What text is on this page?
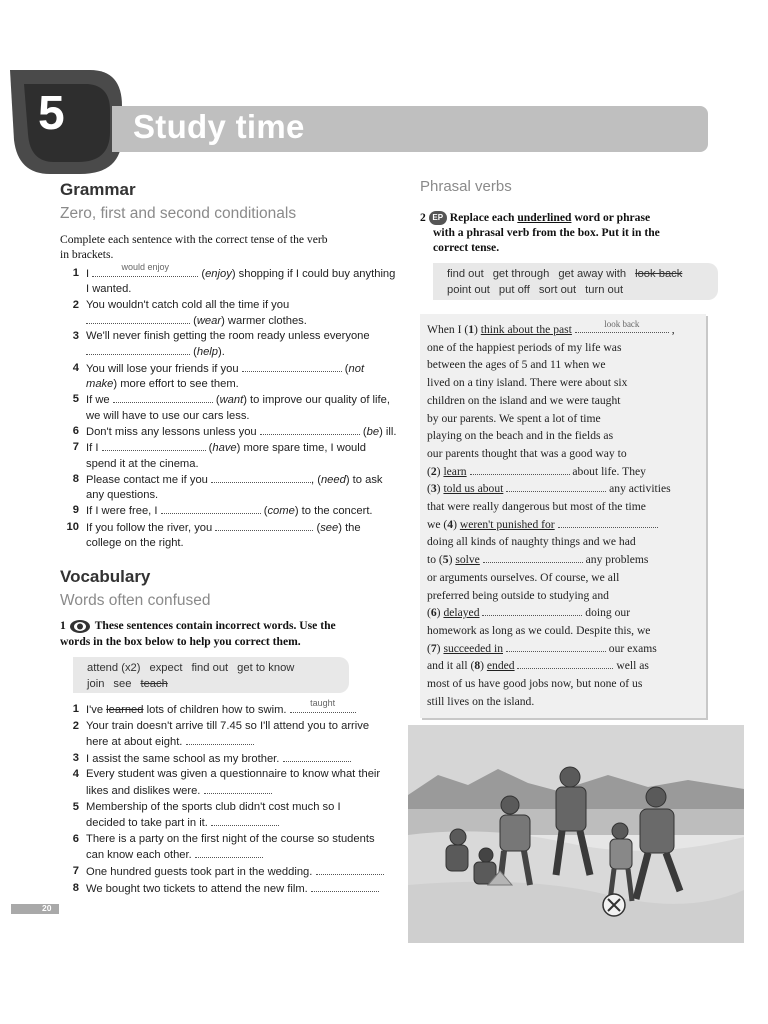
5 Study time
Grammar
Zero, first and second conditionals
Complete each sentence with the correct tense of the verb
in brackets.
1 I
would enjoy
(enjoy) shopping if I could buy anything
I wanted.
2 You wouldn't catch cold all the time if you
(wear) warmer clothes.
3 We'll never finish getting the room ready unless everyone
(help).
4 You will lose your friends if you	(not
make) more effort to see them.
5 If we	(want) to improve our quality of life,
we will have to use our cars less.
6 Don't miss any lessons unless you	(be) ill.
7 If I	(have) more spare time, I would
spend it at the cinema.
8 Please contact me if you	, (need) to ask
any questions.
9 If I were free, I	(come) to the concert.
10 If you follow the river, you	(see) the
college on the right.
Vocabulary
Words often confused
1 These sentences contain incorrect words. Use the
words in the box below to help you correct them.
attend (x2) expect find out get to know
join see teach
1 I've learned lots of children how to swim.
taught
2 Your train doesn't arrive till 7.45 so I'll attend you to arrive
here at about eight.
3 I assist the same school as my brother.
4 Every student was given a questionnaire to know what their
likes and dislikes were.
5 Membership of the sports club didn't cost much so I
decided to take part in it.
6 There is a party on the first night of the course so students
can know each other.
7 One hundred guests took part in the wedding.
8 We bought two tickets to attend the new film.
Phrasal verbs
2 EP Replace each underlined word or phrase
with a phrasal verb from the box. Put it in the
correct tense.
find out get through get away with look back
point out put off sort out turn out
When I (1) think about the past	look back	,
one of the happiest periods of my life was
between the ages of 5 and 11 when we
lived on a tiny island. There were about six
children on the island and we were taught
by our parents. We spent a lot of time
playing on the beach and in the fields as
our parents thought that was a good way to
(2) learn	about life. They
(3) told us about	any activities
that were really dangerous but most of the time
we (4) weren't punished for
doing all kinds of naughty things and we had
to (5) solve	any problems
or arguments ourselves. Of course, we all
preferred being outside to studying and
(6) delayed	doing our
homework as long as we could. Despite this, we
(7) succeeded in	our exams
and it all (8) ended	well as
most of us have good jobs now, but none of us
still lives on the island.
20
